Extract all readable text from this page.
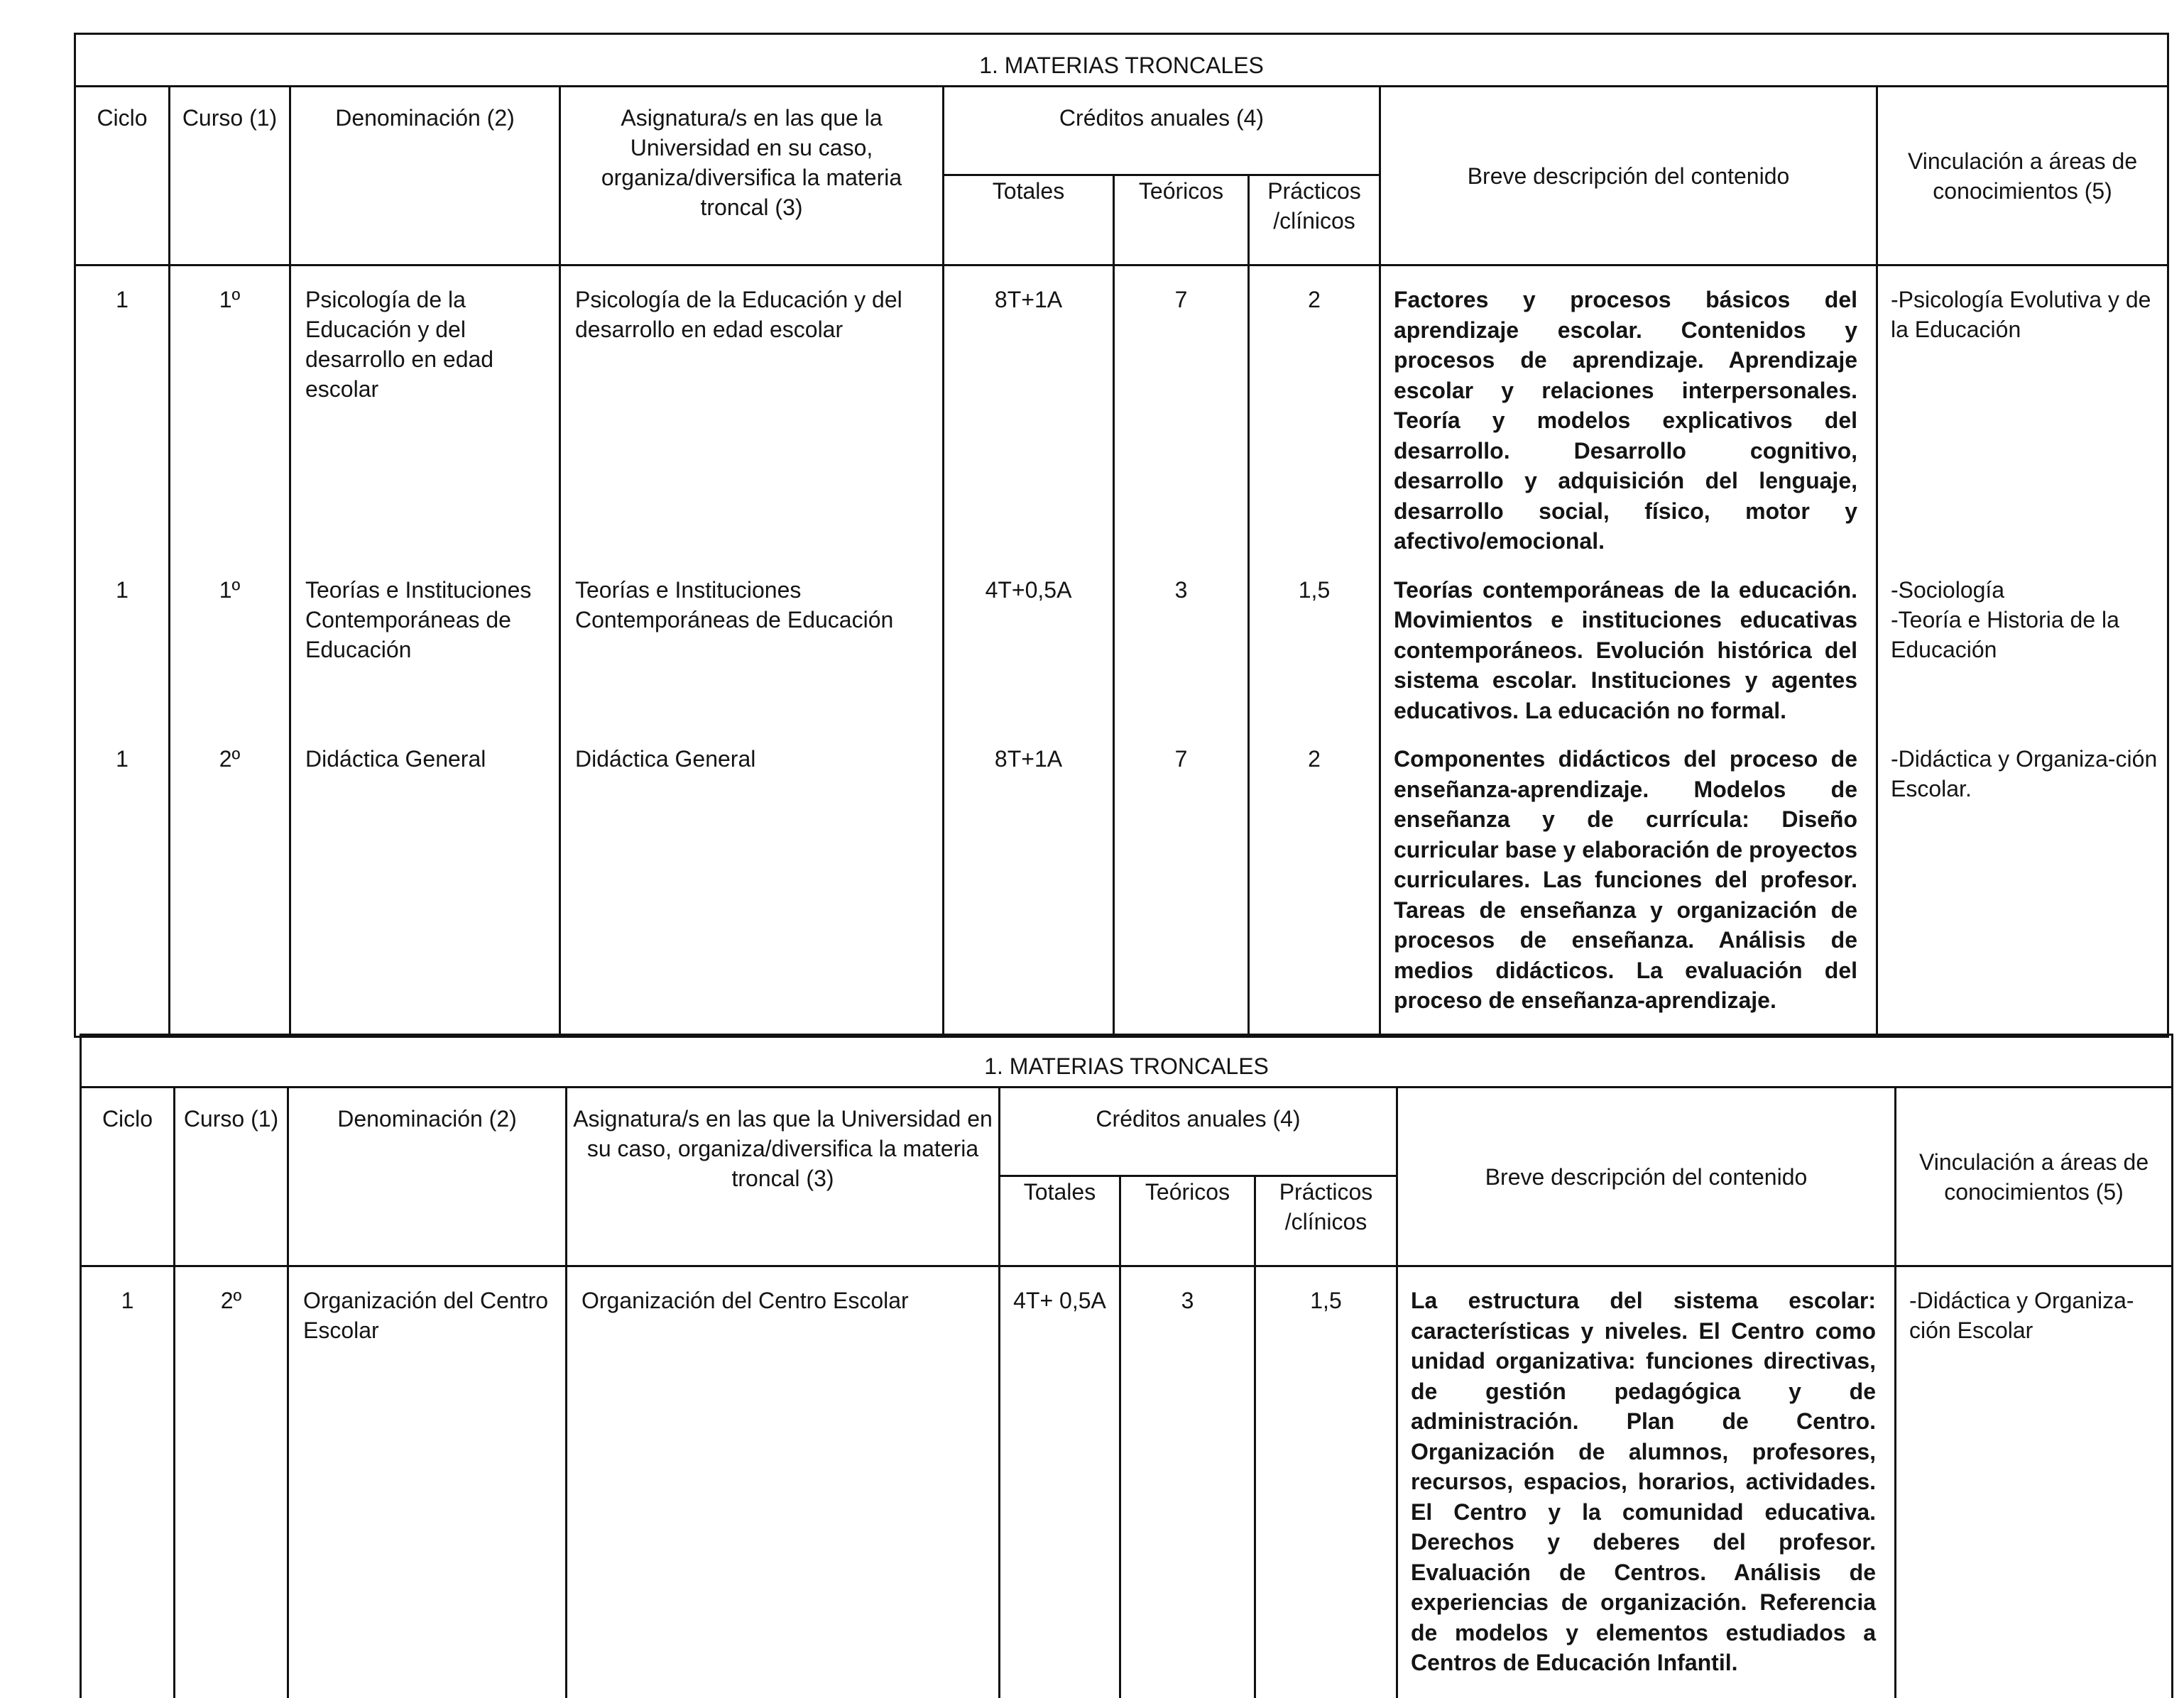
1. MATERIAS TRONCALES								
Ciclo	Curso (1)	Denominación (2)	Asignatura/s en las que la Universidad en su caso, organiza/diversifica la materia troncal (3)	Créditos anuales (4)			Breve descripción del contenido	Vinculación a áreas de conocimientos (5)
				Totales	Teóricos	Prácticos /clínicos		
1	1º	Psicología de la Educación y del desarrollo en edad escolar	Psicología de la Educación y del desarrollo en edad escolar	8T+1A	7	2	Factores y procesos básicos del aprendizaje escolar. Contenidos y procesos de aprendizaje. Aprendizaje escolar y relaciones interpersonales. Teoría y modelos explicativos del desarrollo. Desarrollo cognitivo, desarrollo y adquisición del lenguaje, desarrollo social, físico, motor y afectivo/emocional.	-Psicología Evolutiva y de la Educación

1	1º	Teorías e Instituciones Contemporáneas de Educación	Teorías e Instituciones Contemporáneas de Educación	4T+0,5A	3	1,5	Teorías contemporáneas de la educación. Movimientos e instituciones educativas contemporáneos. Evolución histórica del sistema escolar. Instituciones y agentes educativos. La educación no formal.	-Sociología
-Teoría e Historia de la Educación

1	2º	Didáctica General	Didáctica General	8T+1A	7	2	Componentes didácticos del proceso de enseñanza-aprendizaje. Modelos de enseñanza y de currícula: Diseño curricular base y elaboración de proyectos curriculares. Las funciones del profesor. Tareas de enseñanza y organización de procesos de enseñanza. Análisis de medios didácticos. La evaluación del proceso de enseñanza-aprendizaje.	-Didáctica y Organiza-ción Escolar.
1. MATERIAS TRONCALES								
Ciclo	Curso (1)	Denominación (2)	Asignatura/s en las que la Universidad en su caso, organiza/diversifica la materia troncal (3)	Créditos anuales (4)			Breve descripción del contenido	Vinculación a áreas de conocimientos (5)
				Totales	Teóricos	Prácticos /clínicos		
1	2º	Organización del Centro Escolar	Organización del Centro Escolar	4T+ 0,5A	3	1,5	La estructura del sistema escolar: características y niveles. El Centro como unidad organizativa: funciones directivas, de gestión pedagógica y de administración. Plan de Centro. Organización de alumnos, profesores, recursos, espacios, horarios, actividades. El Centro y la comunidad educativa. Derechos y deberes del profesor. Evaluación de Centros. Análisis de experiencias de organización. Referencia de modelos y elementos estudiados a Centros de Educación Infantil.	-Didáctica y Organiza-ción Escolar
